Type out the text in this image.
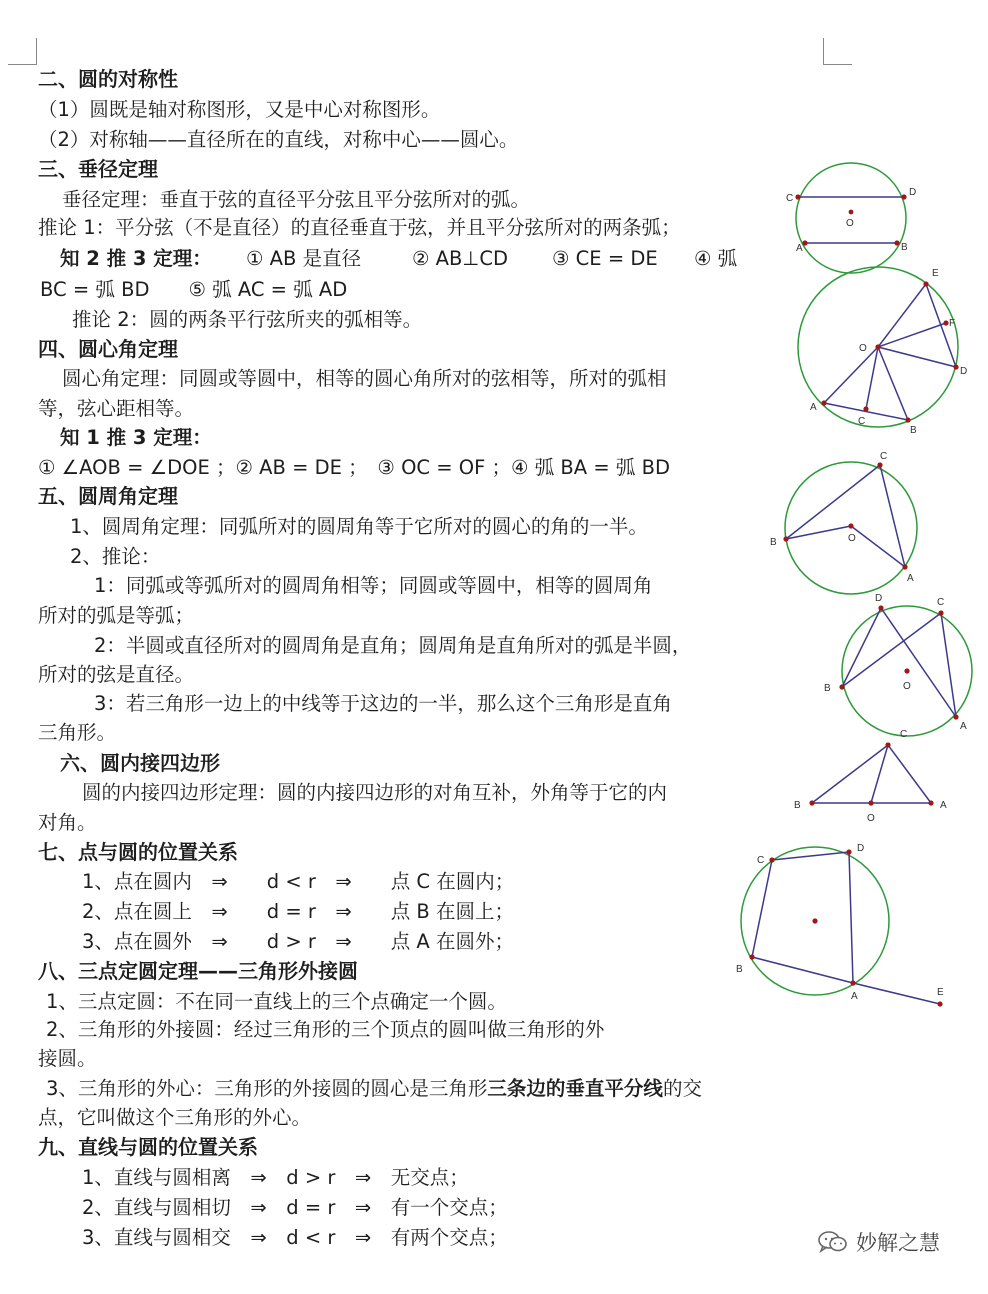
二、圆的对称性
（1）圆既是轴对称图形，又是中心对称图形。
（2）对称轴——直径所在的直线，对称中心——圆心。
三、垂径定理
垂径定理：垂直于弦的直径平分弦且平分弦所对的弧。
推论 1：平分弦（不是直径）的直径垂直于弦，并且平分弦所对的两条弧；
知 2 推 3 定理： ① AB 是直径	② AB⊥CD ③ CE = DE ④ 弧
BC = 弧 BD　　⑤ 弧 AC = 弧 AD
推论 2：圆的两条平行弦所夹的弧相等。
四、圆心角定理
圆心角定理：同圆或等圆中，相等的圆心角所对的弦相等，所对的弧相
等，弦心距相等。
知 1 推 3 定理：
① ∠AOB = ∠DOE ；② AB = DE ；　③ OC = OF ；④ 弧 BA = 弧 BD
五、圆周角定理
1、圆周角定理：同弧所对的圆周角等于它所对的圆心的角的一半。
2、推论：
1：同弧或等弧所对的圆周角相等；同圆或等圆中，相等的圆周角
所对的弧是等弧；
2：半圆或直径所对的圆周角是直角；圆周角是直角所对的弧是半圆，
所对的弦是直径。
3：若三角形一边上的中线等于这边的一半，那么这个三角形是直角
三角形。
六、圆内接四边形
圆的内接四边形定理：圆的内接四边形的对角互补，外角等于它的内
对角。
七、点与圆的位置关系
1、点在圆内　⇒　　d < r　⇒　　点 C 在圆内；
2、点在圆上　⇒　　d = r　⇒　　点 B 在圆上；
3、点在圆外　⇒　　d > r　⇒　　点 A 在圆外；
八、三点定圆定理——三角形外接圆
1、三点定圆：不在同一直线上的三个点确定一个圆。
2、三角形的外接圆：经过三角形的三个顶点的圆叫做三角形的外
接圆。
3、三角形的外心：三角形的外接圆的圆心是三角形三条边的垂直平分线的交
点，它叫做这个三角形的外心。
九、直线与圆的位置关系
1、直线与圆相离　⇒　d > r　⇒　无交点；
2、直线与圆相切　⇒　d = r　⇒　有一个交点；
3、直线与圆相交　⇒　d < r　⇒　有两个交点；
C
D
O
A	B
E
F
O
D
A
C
B
C
O
B
A
D	C
B	O
A
C
B
O
A
C
D
B
A	E
妙解之慧
